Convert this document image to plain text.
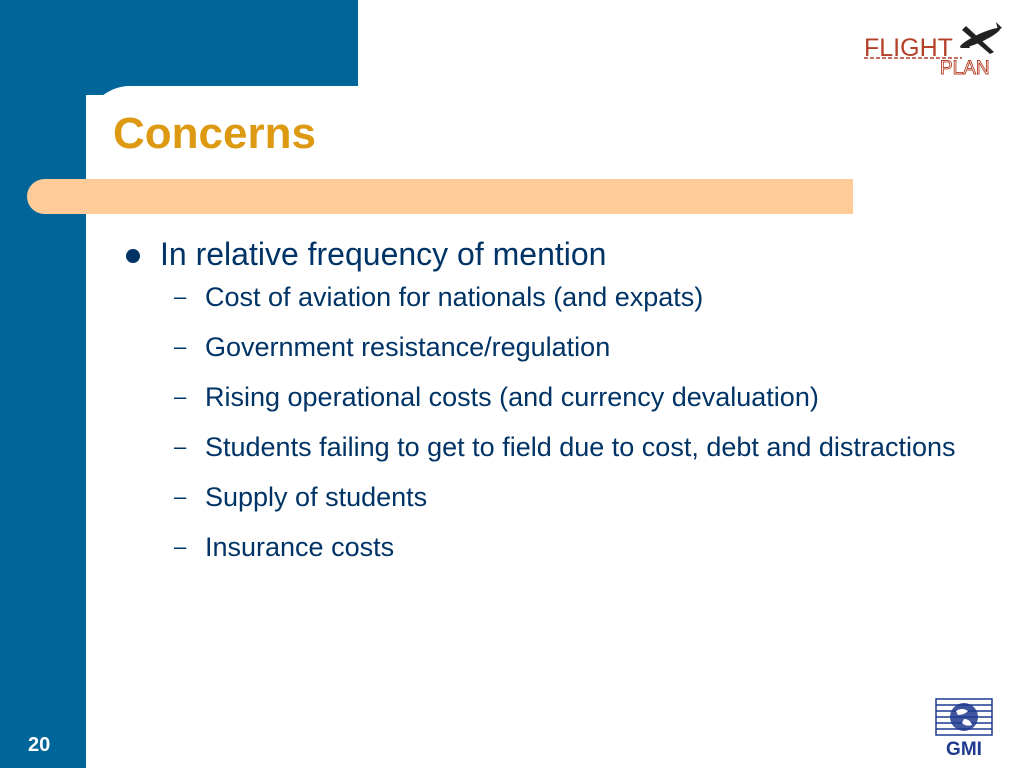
Concerns
In relative frequency of mention
– Cost of aviation for nationals (and expats)
– Government resistance/regulation
– Rising operational costs (and currency devaluation)
– Students failing to get to field due to cost, debt and distractions
– Supply of students
– Insurance costs
20
FLIGHT
PLAN
GMI
